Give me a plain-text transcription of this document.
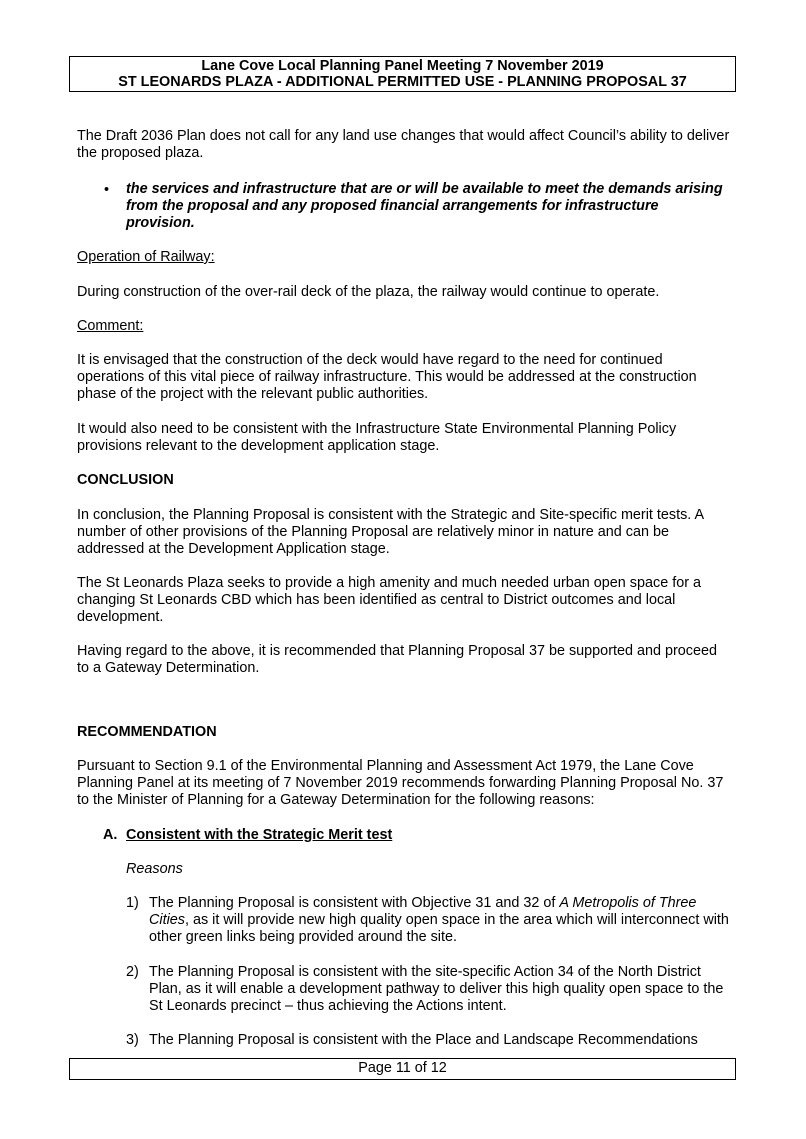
Lane Cove Local Planning Panel Meeting 7 November 2019
ST LEONARDS PLAZA - ADDITIONAL PERMITTED USE - PLANNING PROPOSAL 37

The Draft 2036 Plan does not call for any land use changes that would affect Council’s ability to deliver the proposed plaza.

• the services and infrastructure that are or will be available to meet the demands arising from the proposal and any proposed financial arrangements for infrastructure provision.

Operation of Railway:

During construction of the over-rail deck of the plaza, the railway would continue to operate.

Comment:

It is envisaged that the construction of the deck would have regard to the need for continued operations of this vital piece of railway infrastructure. This would be addressed at the construction phase of the project with the relevant public authorities.

It would also need to be consistent with the Infrastructure State Environmental Planning Policy provisions relevant to the development application stage.

CONCLUSION

In conclusion, the Planning Proposal is consistent with the Strategic and Site-specific merit tests. A number of other provisions of the Planning Proposal are relatively minor in nature and can be addressed at the Development Application stage.

The St Leonards Plaza seeks to provide a high amenity and much needed urban open space for a changing St Leonards CBD which has been identified as central to District outcomes and local development.

Having regard to the above, it is recommended that Planning Proposal 37 be supported and proceed to a Gateway Determination.

RECOMMENDATION

Pursuant to Section 9.1 of the Environmental Planning and Assessment Act 1979, the Lane Cove Planning Panel at its meeting of 7 November 2019 recommends forwarding Planning Proposal No. 37 to the Minister of Planning for a Gateway Determination for the following reasons:

A. Consistent with the Strategic Merit test

Reasons

1) The Planning Proposal is consistent with Objective 31 and 32 of A Metropolis of Three Cities, as it will provide new high quality open space in the area which will interconnect with other green links being provided around the site.

2) The Planning Proposal is consistent with the site-specific Action 34 of the North District Plan, as it will enable a development pathway to deliver this high quality open space to the St Leonards precinct – thus achieving the Actions intent.

3) The Planning Proposal is consistent with the Place and Landscape Recommendations

Page 11 of 12
